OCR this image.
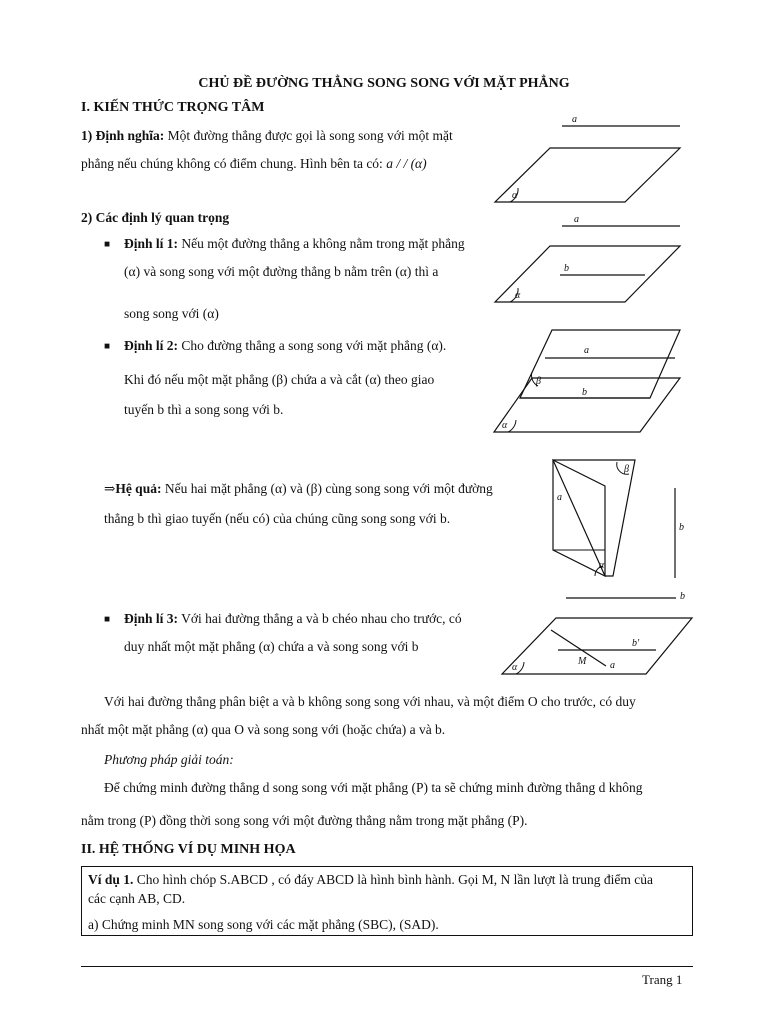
CHỦ ĐỀ ĐƯỜNG THẲNG SONG SONG VỚI MẶT PHẲNG
I. KIẾN THỨC TRỌNG TÂM
1) Định nghĩa: Một đường thẳng được gọi là song song với một mặt
phẳng nếu chúng không có điểm chung. Hình bên ta có: a / / (α)
2) Các định lý quan trọng
■ Định lí 1: Nếu một đường thẳng a không nằm trong mặt phẳng
(α) và song song với một đường thẳng b nằm trên (α) thì a
song song với (α)
■ Định lí 2: Cho đường thẳng a song song với mặt phẳng (α).
Khi đó nếu một mặt phẳng (β) chứa a và cắt (α) theo giao
tuyến b thì a song song với b.
⇒Hệ quả: Nếu hai mặt phẳng (α) và (β) cùng song song với một đường
thẳng b thì giao tuyến (nếu có) của chúng cũng song song với b.
■ Định lí 3: Với hai đường thẳng a và b chéo nhau cho trước, có
duy nhất một mặt phẳng (α) chứa a và song song với b
Với hai đường thẳng phân biệt a và b không song song với nhau, và một điểm O cho trước, có duy
nhất một mặt phẳng (α) qua O và song song với (hoặc chứa) a và b.
Phương pháp giải toán:
Để chứng minh đường thẳng d song song với mặt phẳng (P) ta sẽ chứng minh đường thẳng d không
nằm trong (P) đồng thời song song với một đường thẳng nằm trong mặt phẳng (P).
II. HỆ THỐNG VÍ DỤ MINH HỌA
Ví dụ 1. Cho hình chóp S.ABCD , có đáy ABCD là hình bình hành. Gọi M, N lần lượt là trung điểm của
các cạnh AB, CD.
a) Chứng minh MN song song với các mặt phẳng (SBC), (SAD).
a
α
a
b
α
a
b
β
α
a
β
α
b
b
b'
a
M
α
Trang 1
